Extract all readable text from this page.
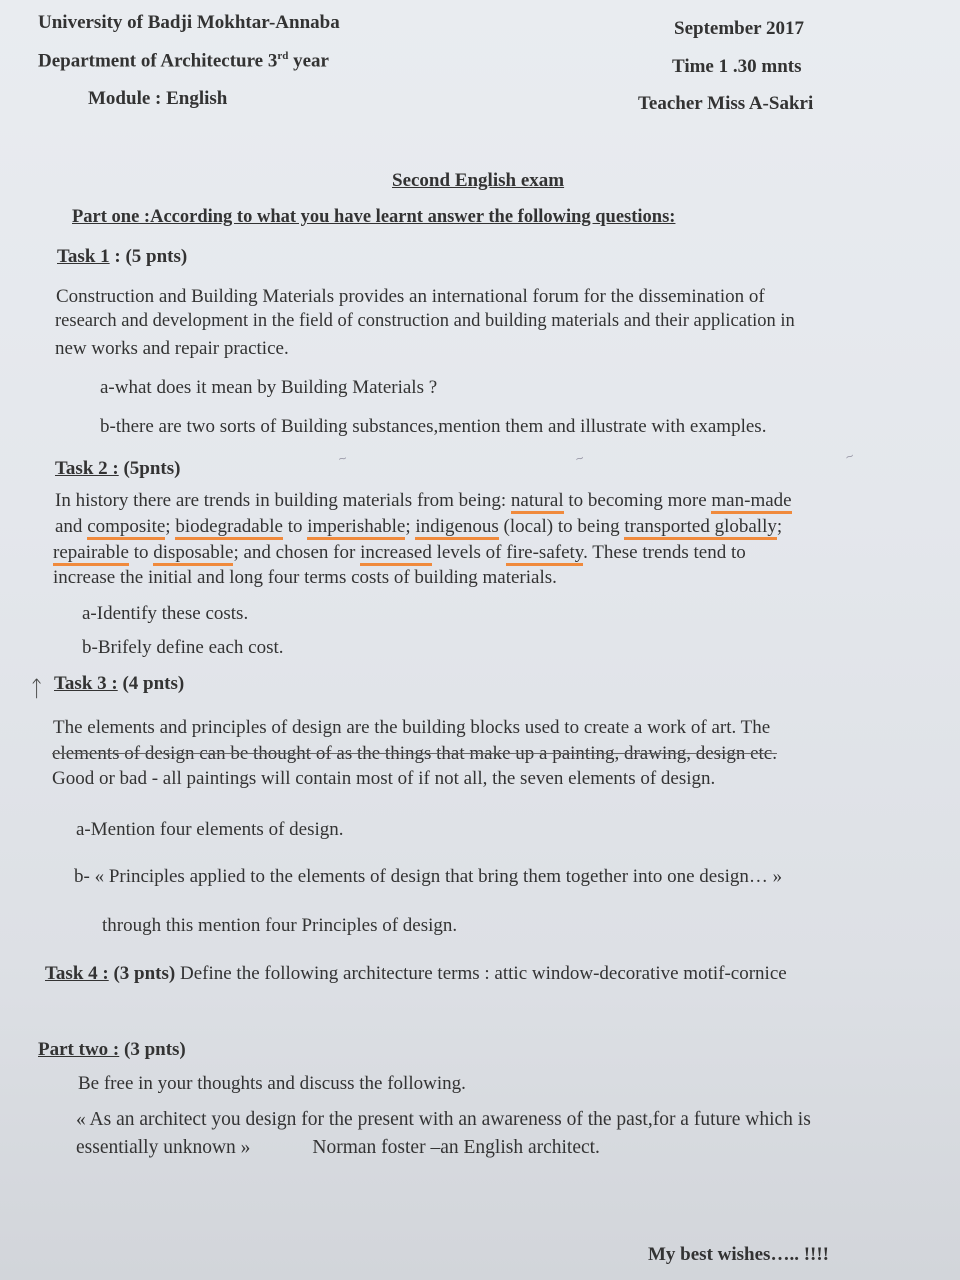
University of Badji Mokhtar-Annaba
Department of Architecture 3rd year
Module : English
September 2017
Time 1 .30 mnts
Teacher Miss A-Sakri
Second English exam
Part one :According to what you have learnt answer the following questions:
Task 1 : (5 pnts)
Construction and Building Materials provides an international forum for the dissemination of
research and development in the field of construction and building materials and their application in
new works and repair practice.
a-what does it mean by Building Materials ?
b-there are two sorts of Building substances,mention them and illustrate with examples.
~	~	~
Task 2 : (5pnts)
In history there are trends in building materials from being: natural to becoming more man-made
and composite; biodegradable to imperishable; indigenous (local) to being transported globally;
repairable to disposable; and chosen for increased levels of fire-safety. These trends tend to
increase the initial and long four terms costs of building materials.
a-Identify these costs.
b-Brifely define each cost.
ᛏ Task 3 : (4 pnts)
The elements and principles of design are the building blocks used to create a work of art. The
elements of design can be thought of as the things that make up a painting, drawing, design etc.
Good or bad - all paintings will contain most of if not all, the seven elements of design.
a-Mention four elements of design.
b- « Principles applied to the elements of design that bring them together into one design… »
through this mention four Principles of design.
Task 4 : (3 pnts) Define the following architecture terms : attic window-decorative motif-cornice
Part two : (3 pnts)
Be free in your thoughts and discuss the following.
« As an architect you design for the present with an awareness of the past,for a future which is
essentially unknown »	Norman foster –an English architect.
My best wishes….. !!!!
